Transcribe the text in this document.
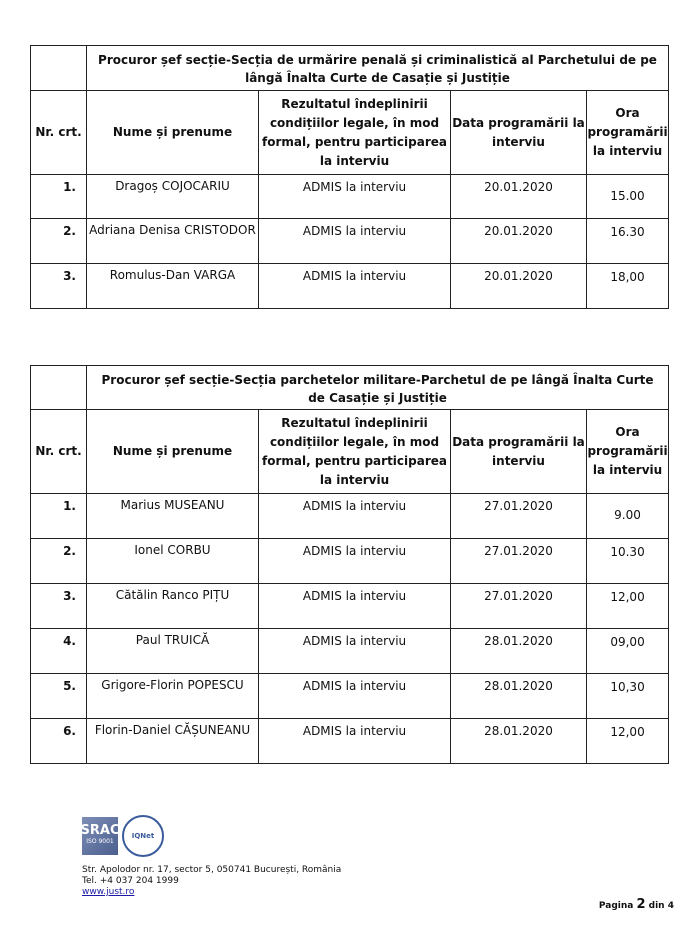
	Procuror șef secție-Secția de urmărire penală și criminalistică al Parchetului de pe lângă Înalta Curte de Casație și Justiție			
Nr. crt.	Nume și prenume	Rezultatul îndeplinirii condițiilor legale, în mod formal, pentru participarea la interviu	Data programării la interviu	Ora programării la interviu
1.	Dragoș COJOCARIU	ADMIS la interviu	20.01.2020	15.00
2.	Adriana Denisa CRISTODOR	ADMIS la interviu	20.01.2020	16.30
3.	Romulus-Dan VARGA	ADMIS la interviu	20.01.2020	18,00
	Procuror șef secție-Secția parchetelor militare-Parchetul de pe lângă Înalta Curte de Casație și Justiție			
Nr. crt.	Nume și prenume	Rezultatul îndeplinirii condițiilor legale, în mod formal, pentru participarea la interviu	Data programării la interviu	Ora programării la interviu
1.	Marius MUSEANU	ADMIS la interviu	27.01.2020	9.00
2.	Ionel CORBU	ADMIS la interviu	27.01.2020	10.30
3.	Cătălin Ranco PIȚU	ADMIS la interviu	27.01.2020	12,00
4.	Paul TRUICĂ	ADMIS la interviu	28.01.2020	09,00
5.	Grigore-Florin POPESCU	ADMIS la interviu	28.01.2020	10,30
6.	Florin-Daniel CĂȘUNEANU	ADMIS la interviu	28.01.2020	12,00
SRAC
ISO 9001
IQNet
Str. Apolodor nr. 17, sector 5, 050741 București, România
Tel. +4 037 204 1999
www.just.ro
Pagina 2 din 4
